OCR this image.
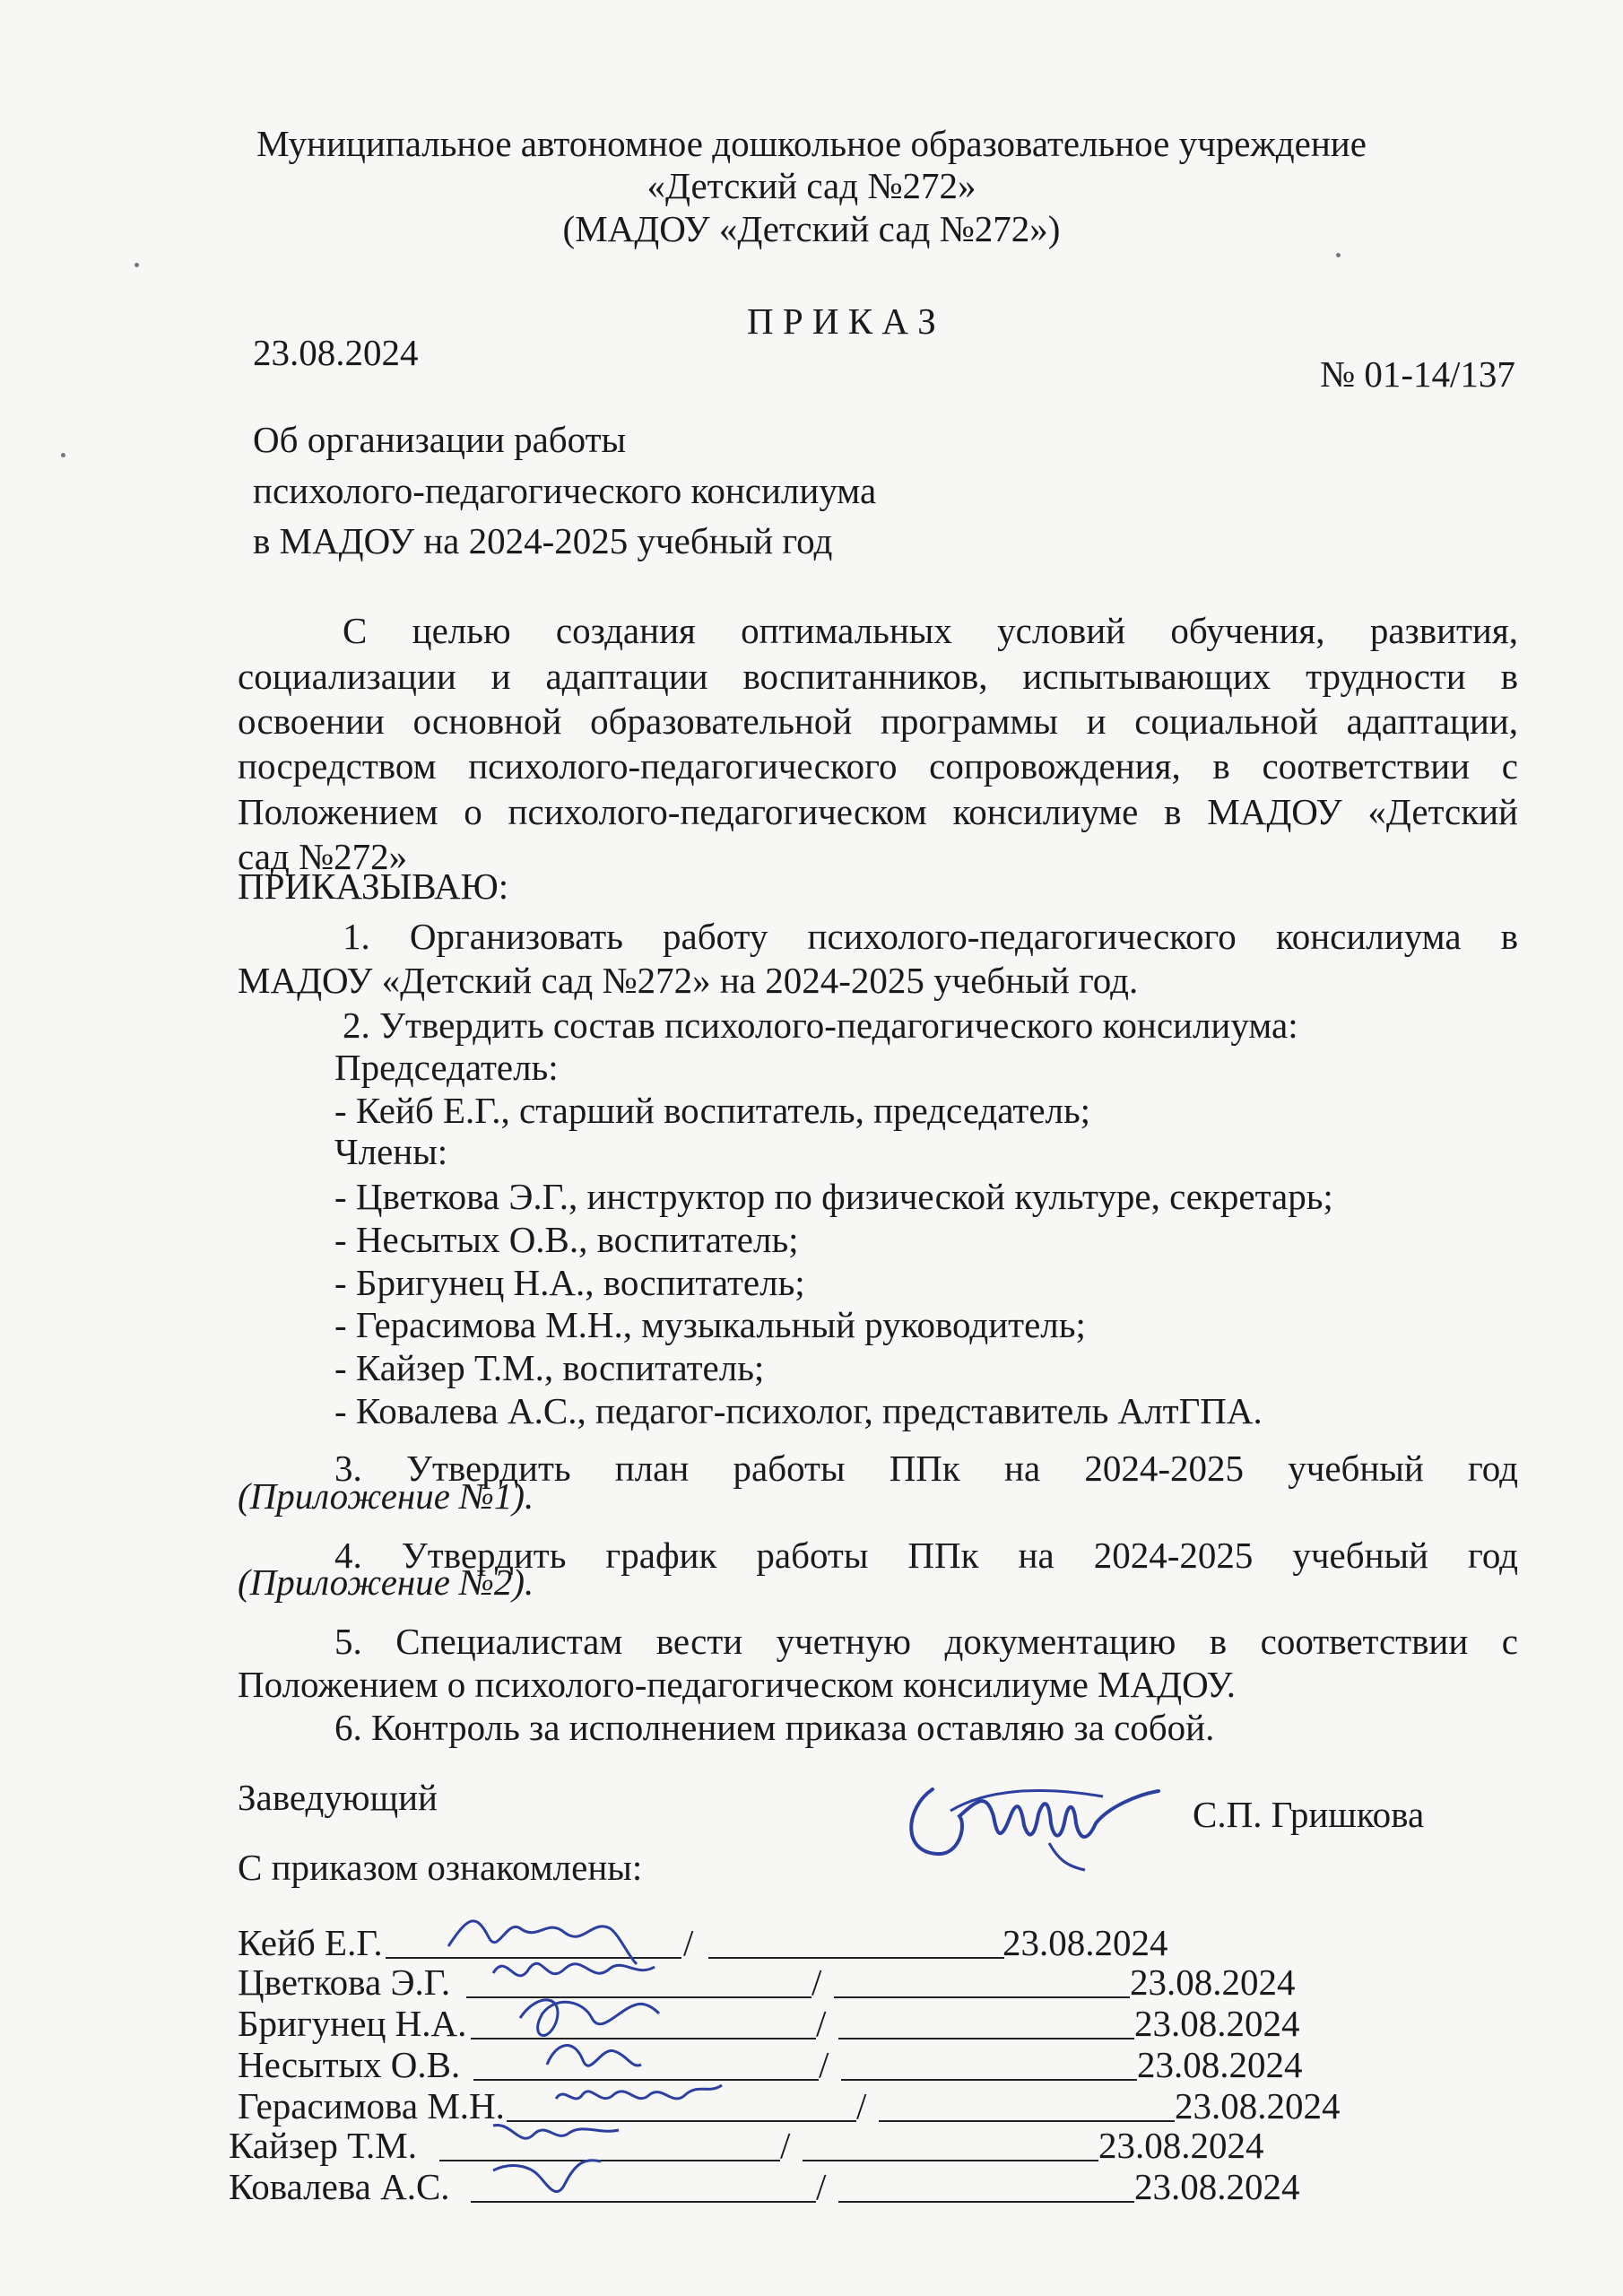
Муниципальное автономное дошкольное образовательное учреждение
«Детский сад №272»
(МАДОУ «Детский сад №272»)
П Р И К А З
23.08.2024
№ 01-14/137
Об организации работы
психолого-педагогического консилиума
в МАДОУ на 2024-2025 учебный год
С целью создания оптимальных условий обучения, развития,
социализации и адаптации воспитанников, испытывающих трудности в
освоении основной образовательной программы и социальной адаптации,
посредством психолого-педагогического сопровождения, в соответствии с
Положением о психолого-педагогическом консилиуме в МАДОУ «Детский
сад №272»
ПРИКАЗЫВАЮ:
1. Организовать работу психолого-педагогического консилиума в
МАДОУ «Детский сад №272» на 2024-2025 учебный год.
2. Утвердить состав психолого-педагогического консилиума:
Председатель:
- Кейб Е.Г., старший воспитатель, председатель;
Члены:
- Цветкова Э.Г., инструктор по физической культуре, секретарь;
- Несытых О.В., воспитатель;
- Бригунец Н.А., воспитатель;
- Герасимова М.Н., музыкальный руководитель;
- Кайзер Т.М., воспитатель;
- Ковалева А.С., педагог-психолог, представитель АлтГПА.
3. Утвердить план работы ППк на 2024-2025 учебный год
(Приложение №1).
4. Утвердить график работы ППк на 2024-2025 учебный год
(Приложение №2).
5. Специалистам вести учетную документацию в соответствии с
Положением о психолого-педагогическом консилиуме МАДОУ.
6. Контроль за исполнением приказа оставляю за собой.
Заведующий	С.П. Гришкова
С приказом ознакомлены:
Кейб Е.Г.	/	23.08.2024
Цветкова Э.Г.	/	23.08.2024
Бригунец Н.А.	/	23.08.2024
Несытых О.В.	/	23.08.2024
Герасимова М.Н.	/	23.08.2024
Кайзер Т.М.	/	23.08.2024
Ковалева А.С.	/	23.08.2024
